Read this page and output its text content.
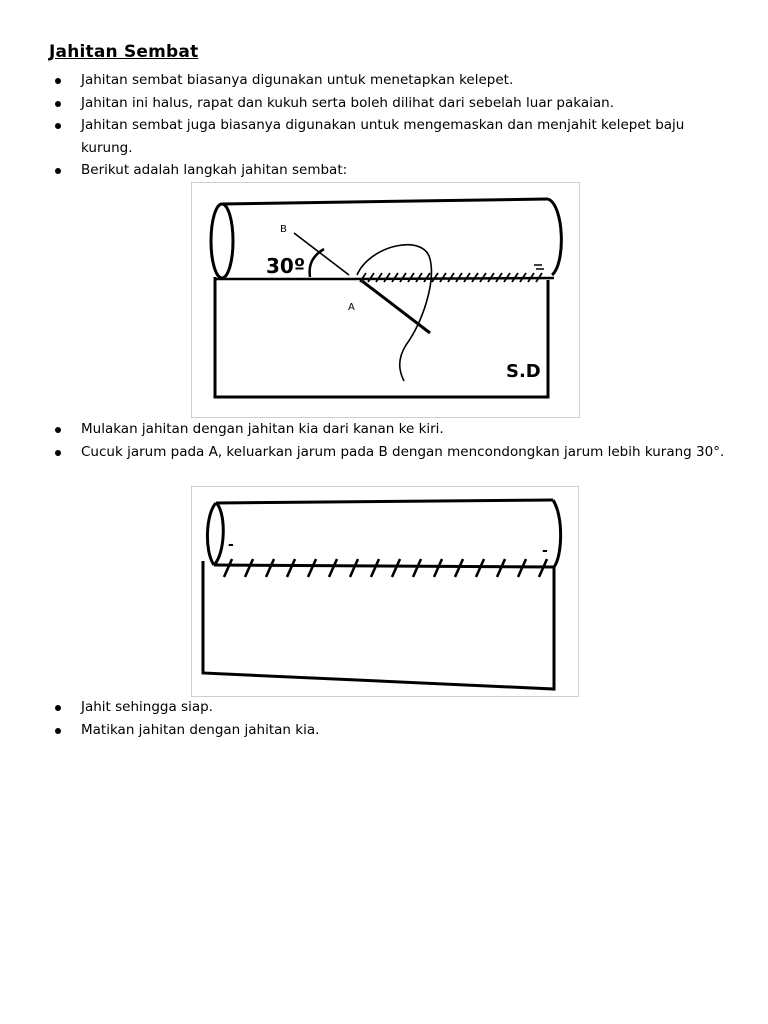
Jahitan Sembat
Jahitan sembat biasanya digunakan untuk menetapkan kelepet.
Jahitan ini halus, rapat dan kukuh serta boleh dilihat dari sebelah luar pakaian.
Jahitan sembat juga biasanya digunakan untuk mengemaskan dan menjahit kelepet baju kurung.
Berikut adalah langkah jahitan sembat:
B
A
30º
S.D
Mulakan jahitan dengan jahitan kia dari kanan ke kiri.
Cucuk jarum pada A, keluarkan jarum pada B dengan mencondongkan jarum lebih kurang 30°.
-	-
Jahit sehingga siap.
Matikan jahitan dengan jahitan kia.
